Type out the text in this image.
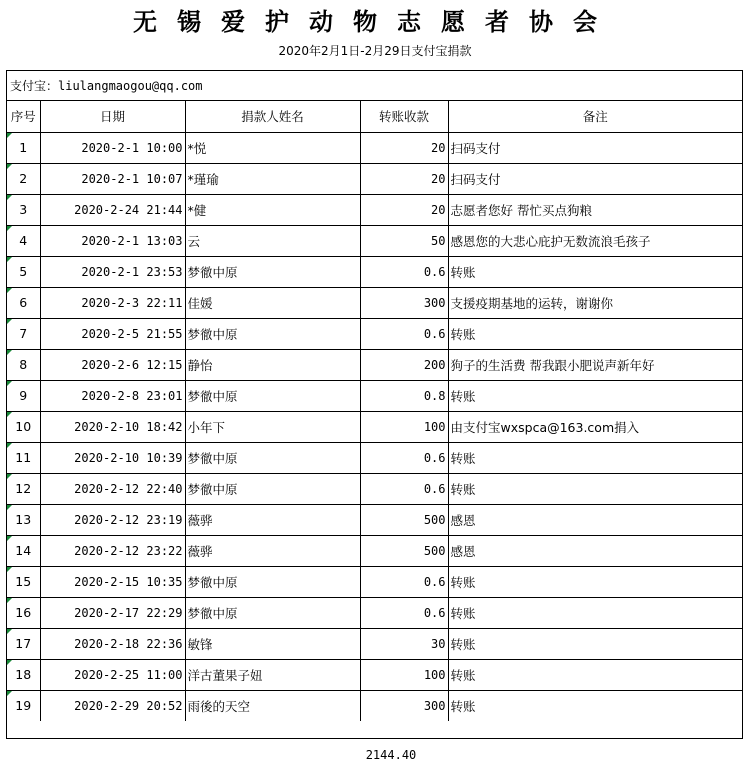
无锡爱护动物志愿者协会
2020年2月1日-2月29日支付宝捐款
支付宝：liulangmaogou@qq.com
序号	日期	捐款人姓名	转账收款	备注
1	2020-2-1 10:00	*悦	20	扫码支付
2	2020-2-1 10:07	*瑾瑜	20	扫码支付
3	2020-2-24 21:44	*健	20	志愿者您好 帮忙买点狗粮
4	2020-2-1 13:03	云	50	感恩您的大悲心庇护无数流浪毛孩子
5	2020-2-1 23:53	梦徹中原	0.6	转账
6	2020-2-3 22:11	佳媛	300	支援疫期基地的运转，谢谢你
7	2020-2-5 21:55	梦徹中原	0.6	转账
8	2020-2-6 12:15	静怡	200	狗子的生活费 帮我跟小肥说声新年好
9	2020-2-8 23:01	梦徹中原	0.8	转账
10	2020-2-10 18:42	小年下	100	由支付宝wxspca@163.com捐入
11	2020-2-10 10:39	梦徹中原	0.6	转账
12	2020-2-12 22:40	梦徹中原	0.6	转账
13	2020-2-12 23:19	薇骅	500	感恩
14	2020-2-12 23:22	薇骅	500	感恩
15	2020-2-15 10:35	梦徹中原	0.6	转账
16	2020-2-17 22:29	梦徹中原	0.6	转账
17	2020-2-18 22:36	敏锋	30	转账
18	2020-2-25 11:00	洋古董果子妞	100	转账
19	2020-2-29 20:52	雨後的天空	300	转账
2144.40
